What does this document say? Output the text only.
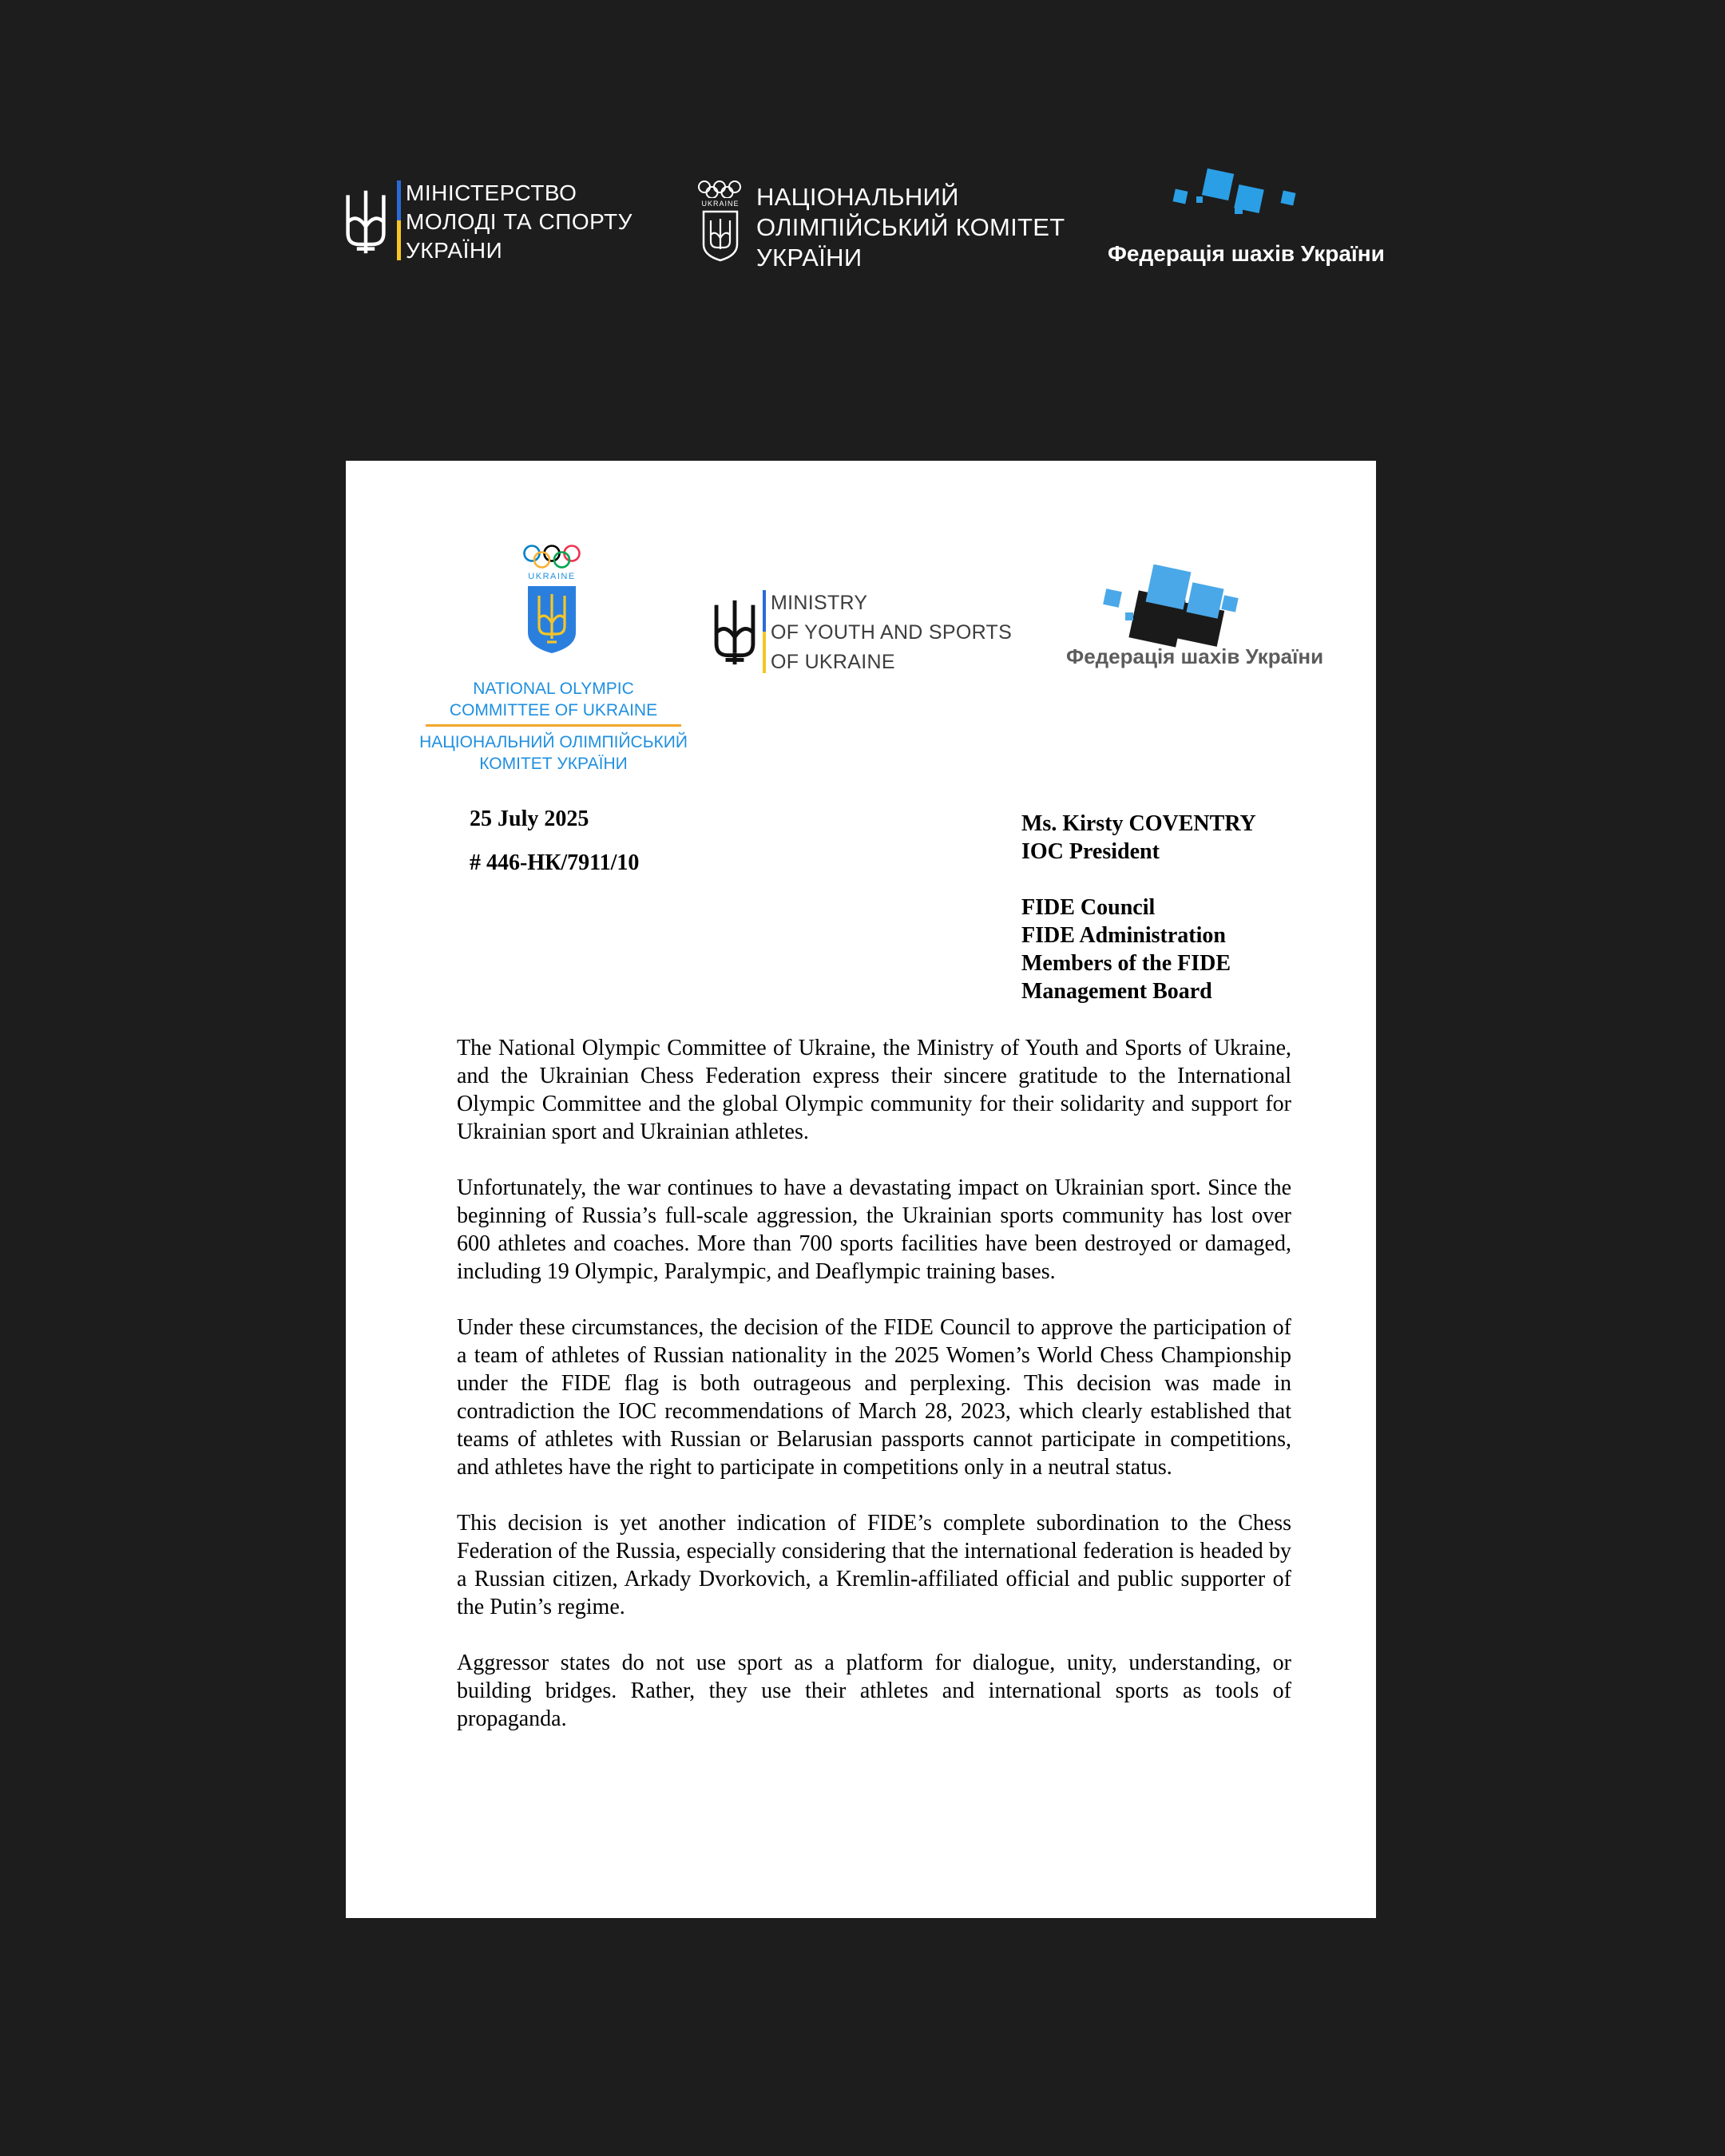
МІНІСТЕРСТВО
МОЛОДІ ТА СПОРТУ
УКРАЇНИ
UKRAINE НАЦІОНАЛЬНИЙ
ОЛІМПІЙСЬКИЙ КОМІТЕТ
УКРАЇНИ	Федерація шахів України
UKRAINE
NATIONAL OLYMPIC
COMMITTEE OF UKRAINE
НАЦІОНАЛЬНИЙ ОЛІМПІЙСЬКИЙ
КОМІТЕТ УКРАЇНИ
MINISTRY
OF YOUTH AND SPORTS
OF UKRAINE	Федерація шахів України
25 July 2025
# 446-НК/7911/10
Ms. Kirsty COVENTRY
IOC President
FIDE Council
FIDE Administration
Members of the FIDE
Management Board

The National Olympic Committee of Ukraine, the Ministry of Youth and Sports of Ukraine, and the Ukrainian Chess Federation express their sincere gratitude to the International Olympic Committee and the global Olympic community for their solidarity and support for Ukrainian sport and Ukrainian athletes.

Unfortunately, the war continues to have a devastating impact on Ukrainian sport. Since the beginning of Russia’s full-scale aggression, the Ukrainian sports community has lost over 600 athletes and coaches. More than 700 sports facilities have been destroyed or damaged, including 19 Olympic, Paralympic, and Deaflympic training bases.

Under these circumstances, the decision of the FIDE Council to approve the participation of a team of athletes of Russian nationality in the 2025 Women’s World Chess Championship under the FIDE flag is both outrageous and perplexing. This decision was made in contradiction the IOC recommendations of March 28, 2023, which clearly established that teams of athletes with Russian or Belarusian passports cannot participate in competitions, and athletes have the right to participate in competitions only in a neutral status.

This decision is yet another indication of FIDE’s complete subordination to the Chess Federation of the Russia, especially considering that the international federation is headed by a Russian citizen, Arkady Dvorkovich, a Kremlin-affiliated official and public supporter of the Putin’s regime.

Aggressor states do not use sport as a platform for dialogue, unity, understanding, or building bridges. Rather, they use their athletes and international sports as tools of propaganda.
